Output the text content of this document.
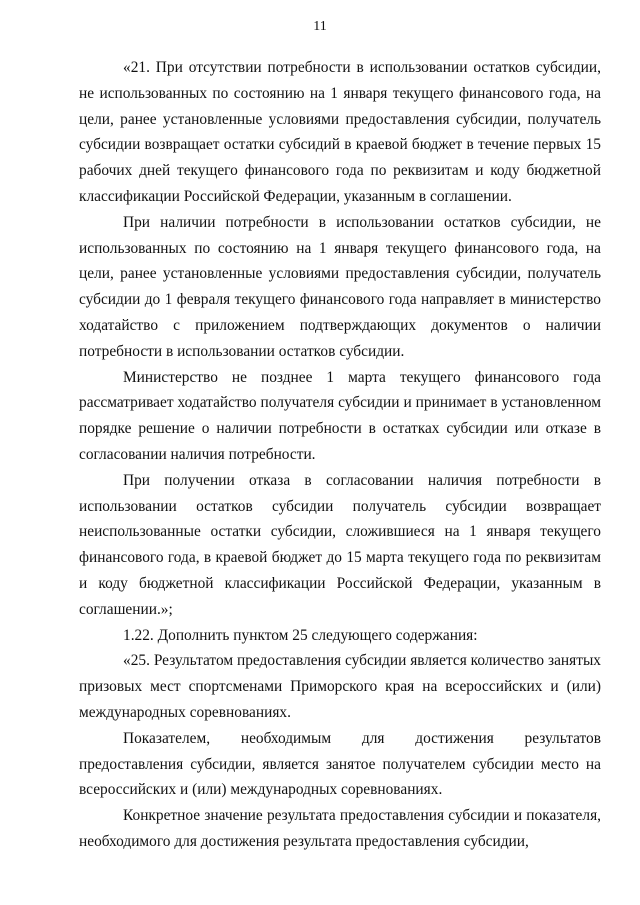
11

«21. При отсутствии потребности в использовании остатков субсидии, не использованных по состоянию на 1 января текущего финансового года, на цели, ранее установленные условиями предоставления субсидии, получатель субсидии возвращает остатки субсидий в краевой бюджет в течение первых 15 рабочих дней текущего финансового года по реквизитам и коду бюджетной классификации Российской Федерации, указанным в соглашении.

При наличии потребности в использовании остатков субсидии, не использованных по состоянию на 1 января текущего финансового года, на цели, ранее установленные условиями предоставления субсидии, получатель субсидии до 1 февраля текущего финансового года направляет в министерство ходатайство с приложением подтверждающих документов о наличии потребности в использовании остатков субсидии.

Министерство не позднее 1 марта текущего финансового года рассматривает ходатайство получателя субсидии и принимает в установленном порядке решение о наличии потребности в остатках субсидии или отказе в согласовании наличия потребности.

При получении отказа в согласовании наличия потребности в использовании остатков субсидии получатель субсидии возвращает неиспользованные остатки субсидии, сложившиеся на 1 января текущего финансового года, в краевой бюджет до 15 марта текущего года по реквизитам и коду бюджетной классификации Российской Федерации, указанным в соглашении.»;

1.22. Дополнить пунктом 25 следующего содержания:

«25. Результатом предоставления субсидии является количество занятых призовых мест спортсменами Приморского края на всероссийских и (или) международных соревнованиях.

Показателем, необходимым для достижения результатов предоставления субсидии, является занятое получателем субсидии место на всероссийских и (или) международных соревнованиях.

Конкретное значение результата предоставления субсидии и показателя, необходимого для достижения результата предоставления субсидии,
